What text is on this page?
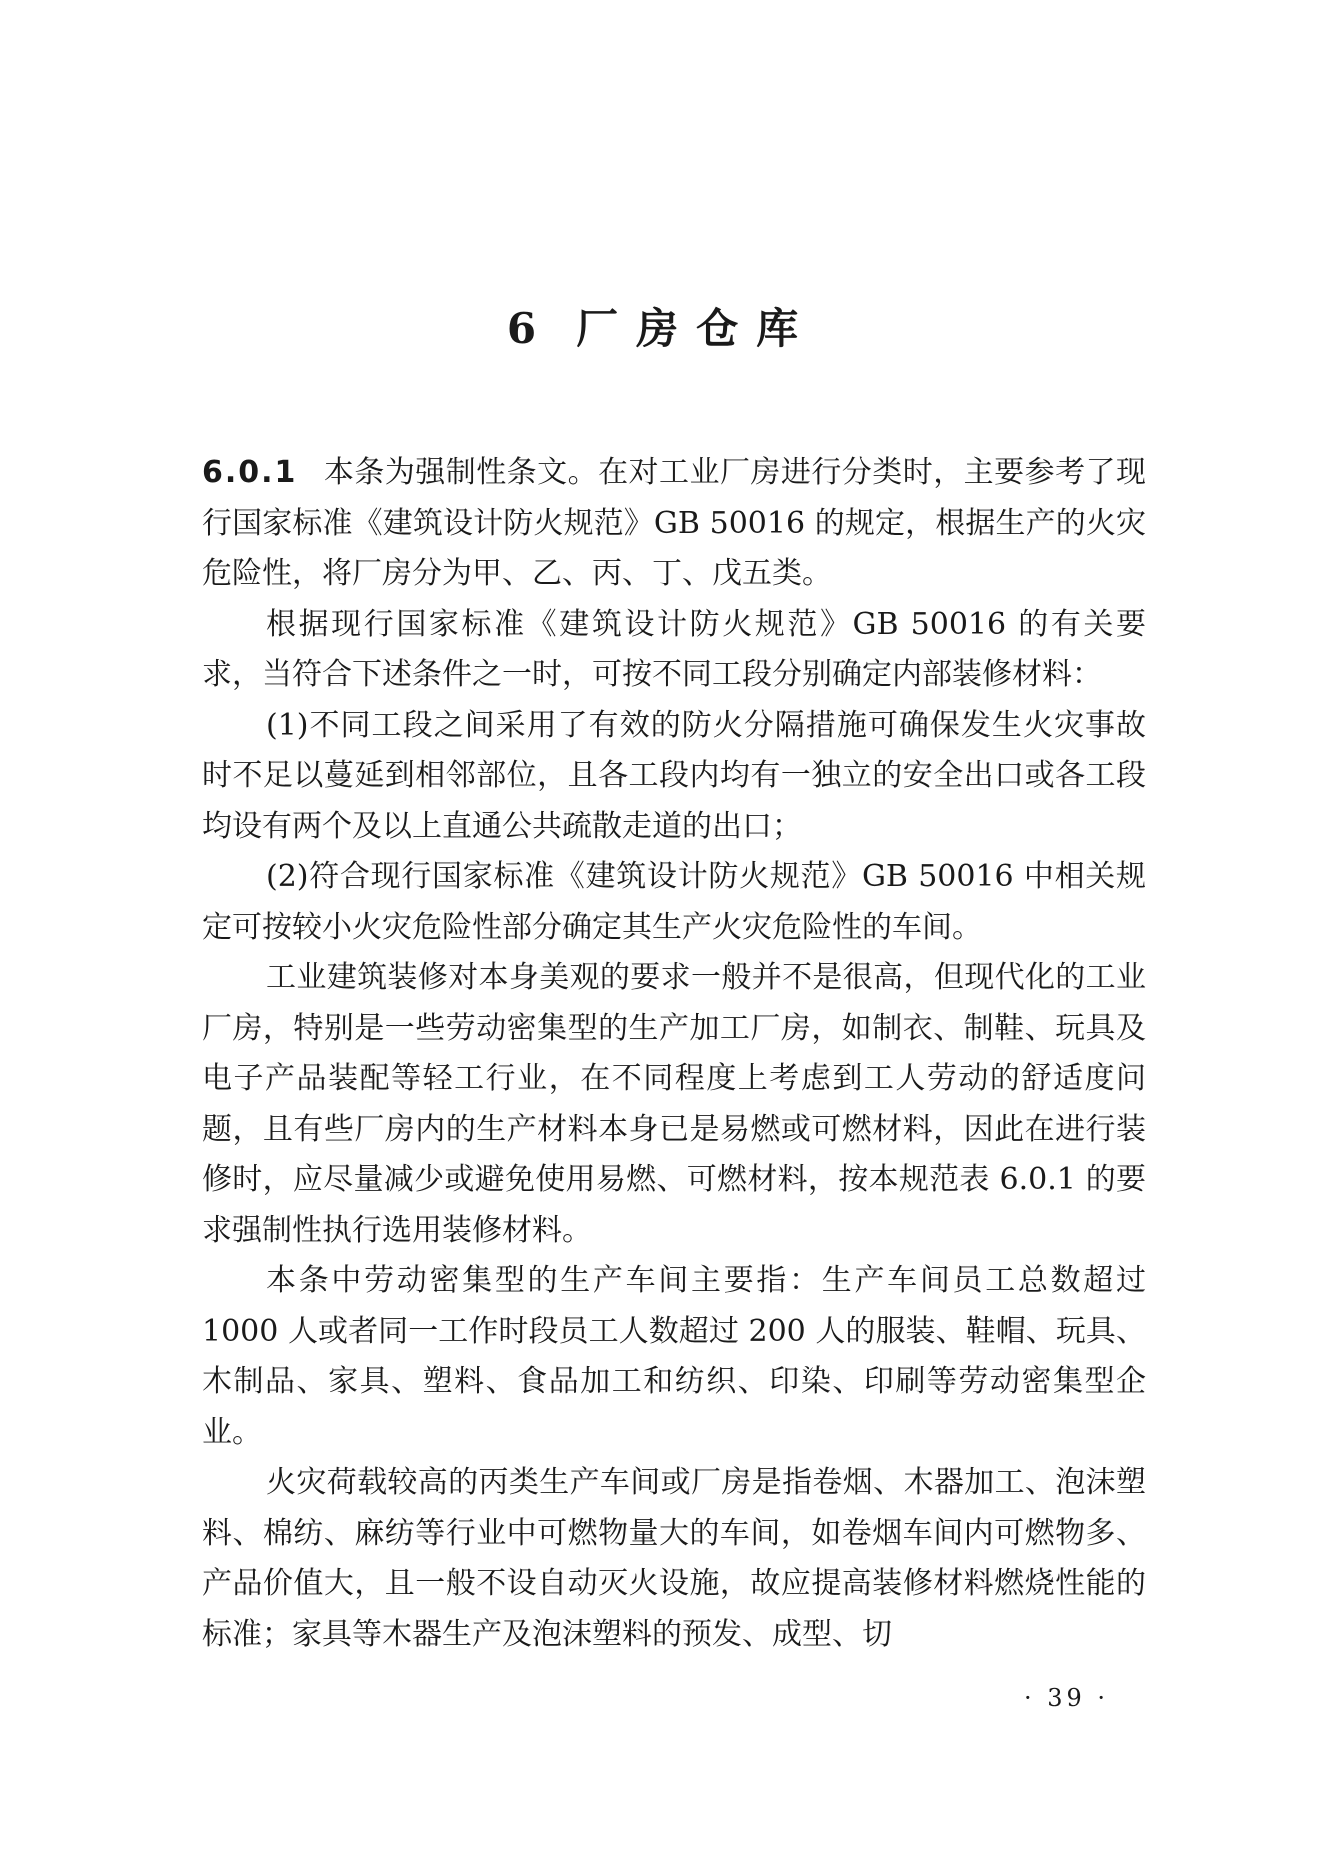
6 厂房仓库

6.0.1 本条为强制性条文。在对工业厂房进行分类时，主要参考了现行国家标准《建筑设计防火规范》GB 50016 的规定，根据生产的火灾危险性，将厂房分为甲、乙、丙、丁、戊五类。

根据现行国家标准《建筑设计防火规范》GB 50016 的有关要求，当符合下述条件之一时，可按不同工段分别确定内部装修材料：

(1)不同工段之间采用了有效的防火分隔措施可确保发生火灾事故时不足以蔓延到相邻部位，且各工段内均有一独立的安全出口或各工段均设有两个及以上直通公共疏散走道的出口；

(2)符合现行国家标准《建筑设计防火规范》GB 50016 中相关规定可按较小火灾危险性部分确定其生产火灾危险性的车间。

工业建筑装修对本身美观的要求一般并不是很高，但现代化的工业厂房，特别是一些劳动密集型的生产加工厂房，如制衣、制鞋、玩具及电子产品装配等轻工行业，在不同程度上考虑到工人劳动的舒适度问题，且有些厂房内的生产材料本身已是易燃或可燃材料，因此在进行装修时，应尽量减少或避免使用易燃、可燃材料，按本规范表 6.0.1 的要求强制性执行选用装修材料。

本条中劳动密集型的生产车间主要指：生产车间员工总数超过 1000 人或者同一工作时段员工人数超过 200 人的服装、鞋帽、玩具、木制品、家具、塑料、食品加工和纺织、印染、印刷等劳动密集型企业。

火灾荷载较高的丙类生产车间或厂房是指卷烟、木器加工、泡沫塑料、棉纺、麻纺等行业中可燃物量大的车间，如卷烟车间内可燃物多、产品价值大，且一般不设自动灭火设施，故应提高装修材料燃烧性能的标准；家具等木器生产及泡沫塑料的预发、成型、切

· 39 ·
